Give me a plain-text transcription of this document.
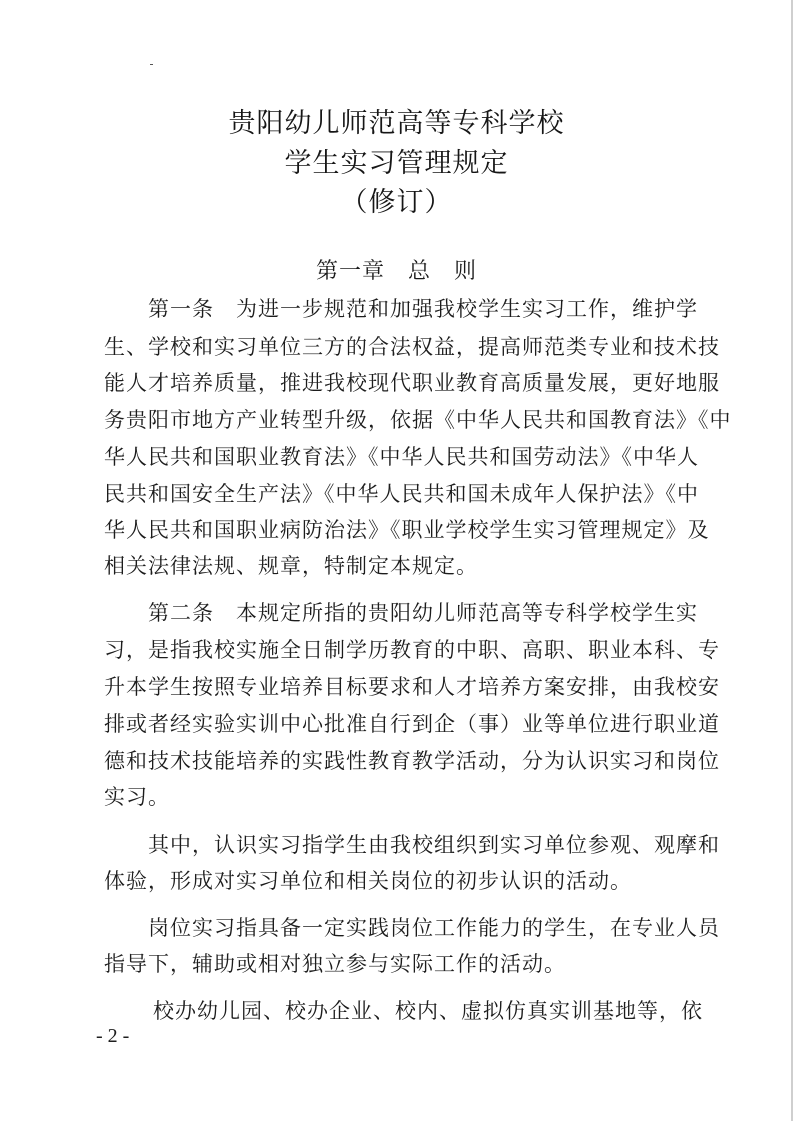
贵阳幼儿师范高等专科学校
学生实习管理规定
（修订）
第一章　总　则
第一条　为进一步规范和加强我校学生实习工作，维护学
生、学校和实习单位三方的合法权益，提高师范类专业和技术技
能人才培养质量，推进我校现代职业教育高质量发展，更好地服
务贵阳市地方产业转型升级，依据《中华人民共和国教育法》《中
华人民共和国职业教育法》《中华人民共和国劳动法》《中华人
民共和国安全生产法》《中华人民共和国未成年人保护法》《中
华人民共和国职业病防治法》《职业学校学生实习管理规定》及
相关法律法规、规章，特制定本规定。
第二条　本规定所指的贵阳幼儿师范高等专科学校学生实
习，是指我校实施全日制学历教育的中职、高职、职业本科、专
升本学生按照专业培养目标要求和人才培养方案安排，由我校安
排或者经实验实训中心批准自行到企（事）业等单位进行职业道
德和技术技能培养的实践性教育教学活动，分为认识实习和岗位
实习。
其中，认识实习指学生由我校组织到实习单位参观、观摩和
体验，形成对实习单位和相关岗位的初步认识的活动。
岗位实习指具备一定实践岗位工作能力的学生，在专业人员
指导下，辅助或相对独立参与实际工作的活动。
校办幼儿园、校办企业、校内、虚拟仿真实训基地等，依
- 2 -
